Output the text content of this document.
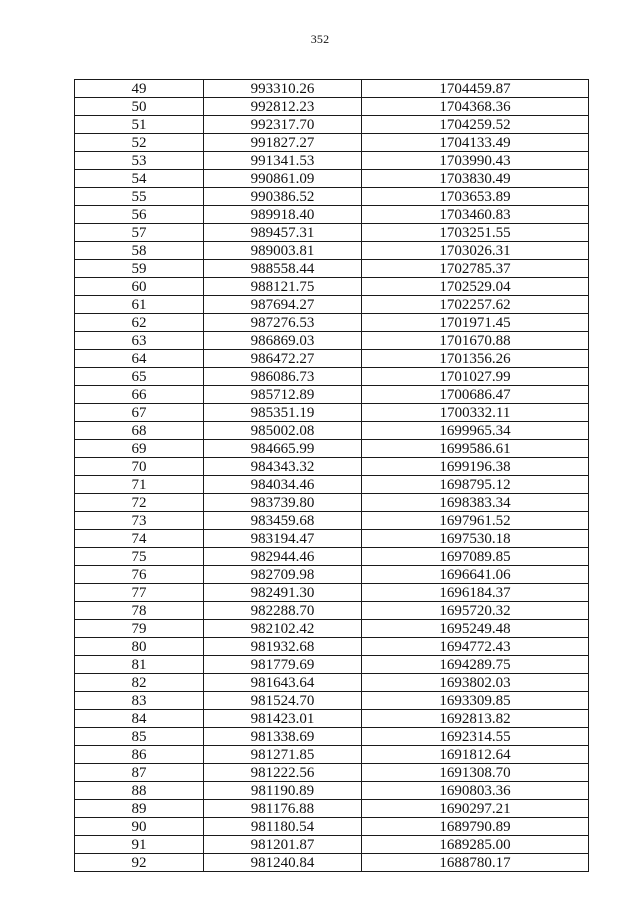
352
49	993310.26	1704459.87
50	992812.23	1704368.36
51	992317.70	1704259.52
52	991827.27	1704133.49
53	991341.53	1703990.43
54	990861.09	1703830.49
55	990386.52	1703653.89
56	989918.40	1703460.83
57	989457.31	1703251.55
58	989003.81	1703026.31
59	988558.44	1702785.37
60	988121.75	1702529.04
61	987694.27	1702257.62
62	987276.53	1701971.45
63	986869.03	1701670.88
64	986472.27	1701356.26
65	986086.73	1701027.99
66	985712.89	1700686.47
67	985351.19	1700332.11
68	985002.08	1699965.34
69	984665.99	1699586.61
70	984343.32	1699196.38
71	984034.46	1698795.12
72	983739.80	1698383.34
73	983459.68	1697961.52
74	983194.47	1697530.18
75	982944.46	1697089.85
76	982709.98	1696641.06
77	982491.30	1696184.37
78	982288.70	1695720.32
79	982102.42	1695249.48
80	981932.68	1694772.43
81	981779.69	1694289.75
82	981643.64	1693802.03
83	981524.70	1693309.85
84	981423.01	1692813.82
85	981338.69	1692314.55
86	981271.85	1691812.64
87	981222.56	1691308.70
88	981190.89	1690803.36
89	981176.88	1690297.21
90	981180.54	1689790.89
91	981201.87	1689285.00
92	981240.84	1688780.17
